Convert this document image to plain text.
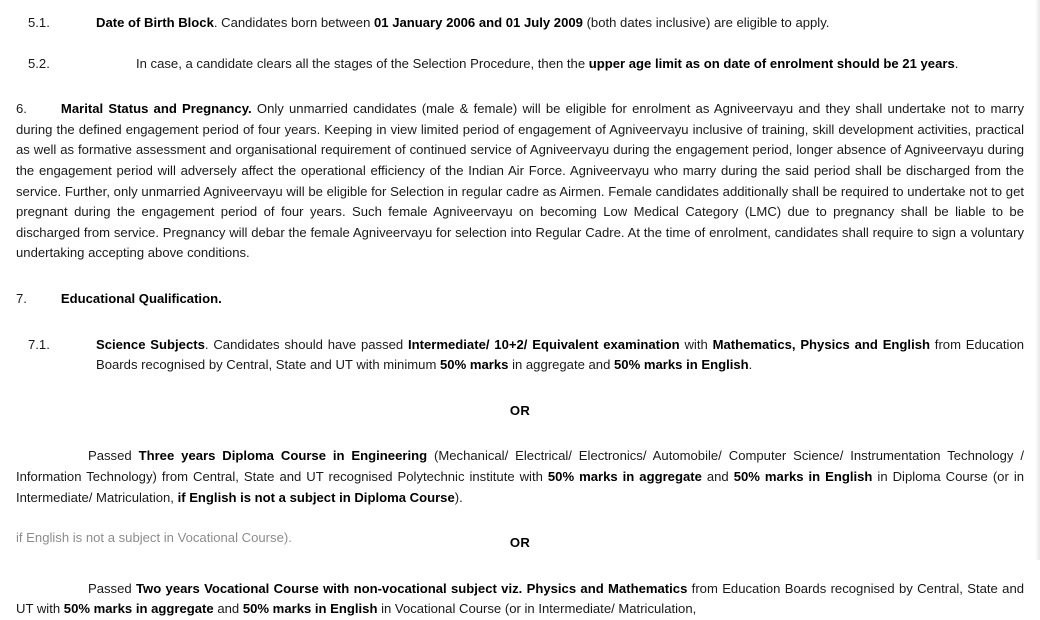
5.1.	Date of Birth Block. Candidates born between 01 January 2006 and 01 July 2009 (both dates inclusive) are eligible to apply.

5.2.	In case, a candidate clears all the stages of the Selection Procedure, then the upper age limit as on date of enrolment should be 21 years.

6.	Marital Status and Pregnancy. Only unmarried candidates (male & female) will be eligible for enrolment as Agniveervayu and they shall undertake not to marry during the defined engagement period of four years. Keeping in view limited period of engagement of Agniveervayu inclusive of training, skill development activities, practical as well as formative assessment and organisational requirement of continued service of Agniveervayu during the engagement period, longer absence of Agniveervayu during the engagement period will adversely affect the operational efficiency of the Indian Air Force. Agniveervayu who marry during the said period shall be discharged from the service. Further, only unmarried Agniveervayu will be eligible for Selection in regular cadre as Airmen. Female candidates additionally shall be required to undertake not to get pregnant during the engagement period of four years. Such female Agniveervayu on becoming Low Medical Category (LMC) due to pregnancy shall be liable to be discharged from service. Pregnancy will debar the female Agniveervayu for selection into Regular Cadre. At the time of enrolment, candidates shall require to sign a voluntary undertaking accepting above conditions.

7.	Educational Qualification.

7.1.	Science Subjects. Candidates should have passed Intermediate/ 10+2/ Equivalent examination with Mathematics, Physics and English from Education Boards recognised by Central, State and UT with minimum 50% marks in aggregate and 50% marks in English.

OR

Passed Three years Diploma Course in Engineering (Mechanical/ Electrical/ Electronics/ Automobile/ Computer Science/ Instrumentation Technology / Information Technology) from Central, State and UT recognised Polytechnic institute with 50% marks in aggregate and 50% marks in English in Diploma Course (or in Intermediate/ Matriculation, if English is not a subject in Diploma Course).

OR

Passed Two years Vocational Course with non-vocational subject viz. Physics and Mathematics from Education Boards recognised by Central, State and UT with 50% marks in aggregate and 50% marks in English in Vocational Course (or in Intermediate/ Matriculation,

if English is not a subject in Vocational Course).
